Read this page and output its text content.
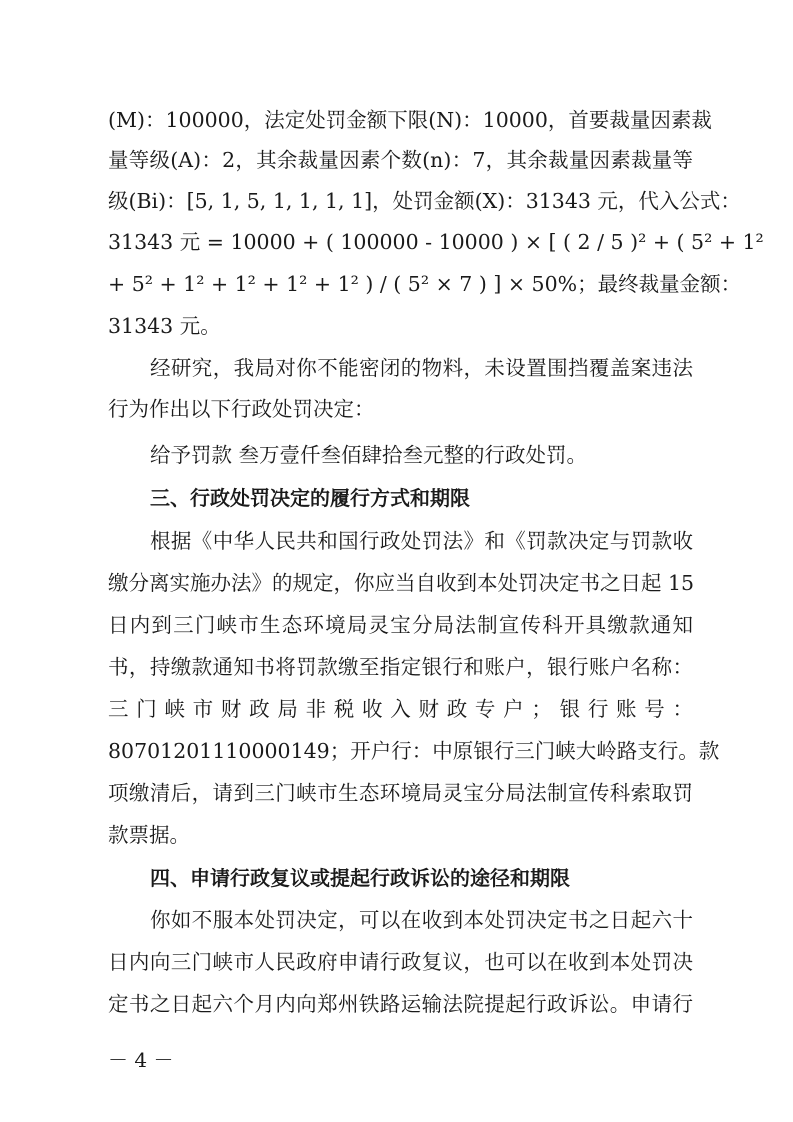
(M)：100000，法定处罚金额下限(N)：10000，首要裁量因素裁
量等级(A)：2，其余裁量因素个数(n)：7，其余裁量因素裁量等
级(Bi)：[5, 1, 5, 1, 1, 1, 1]，处罚金额(X)：31343 元，代入公式：
31343 元 = 10000 + ( 100000 - 10000 ) × [ ( 2 / 5 )² + ( 5² + 1²
+ 5² + 1² + 1² + 1² + 1² ) / ( 5² × 7 ) ] × 50%；最终裁量金额：
31343 元。
经研究，我局对你不能密闭的物料，未设置围挡覆盖案违法
行为作出以下行政处罚决定：
给予罚款 叁万壹仟叁佰肆拾叁元整的行政处罚。
三、行政处罚决定的履行方式和期限
根据《中华人民共和国行政处罚法》和《罚款决定与罚款收
缴分离实施办法》的规定，你应当自收到本处罚决定书之日起 15
日内到三门峡市生态环境局灵宝分局法制宣传科开具缴款通知
书，持缴款通知书将罚款缴至指定银行和账户，银行账户名称：
三门峡市财政局非税收入财政专户；银行账号：
80701201110000149；开户行：中原银行三门峡大岭路支行。款
项缴清后，请到三门峡市生态环境局灵宝分局法制宣传科索取罚
款票据。
四、申请行政复议或提起行政诉讼的途径和期限
你如不服本处罚决定，可以在收到本处罚决定书之日起六十
日内向三门峡市人民政府申请行政复议，也可以在收到本处罚决
定书之日起六个月内向郑州铁路运输法院提起行政诉讼。申请行
－ 4 －
